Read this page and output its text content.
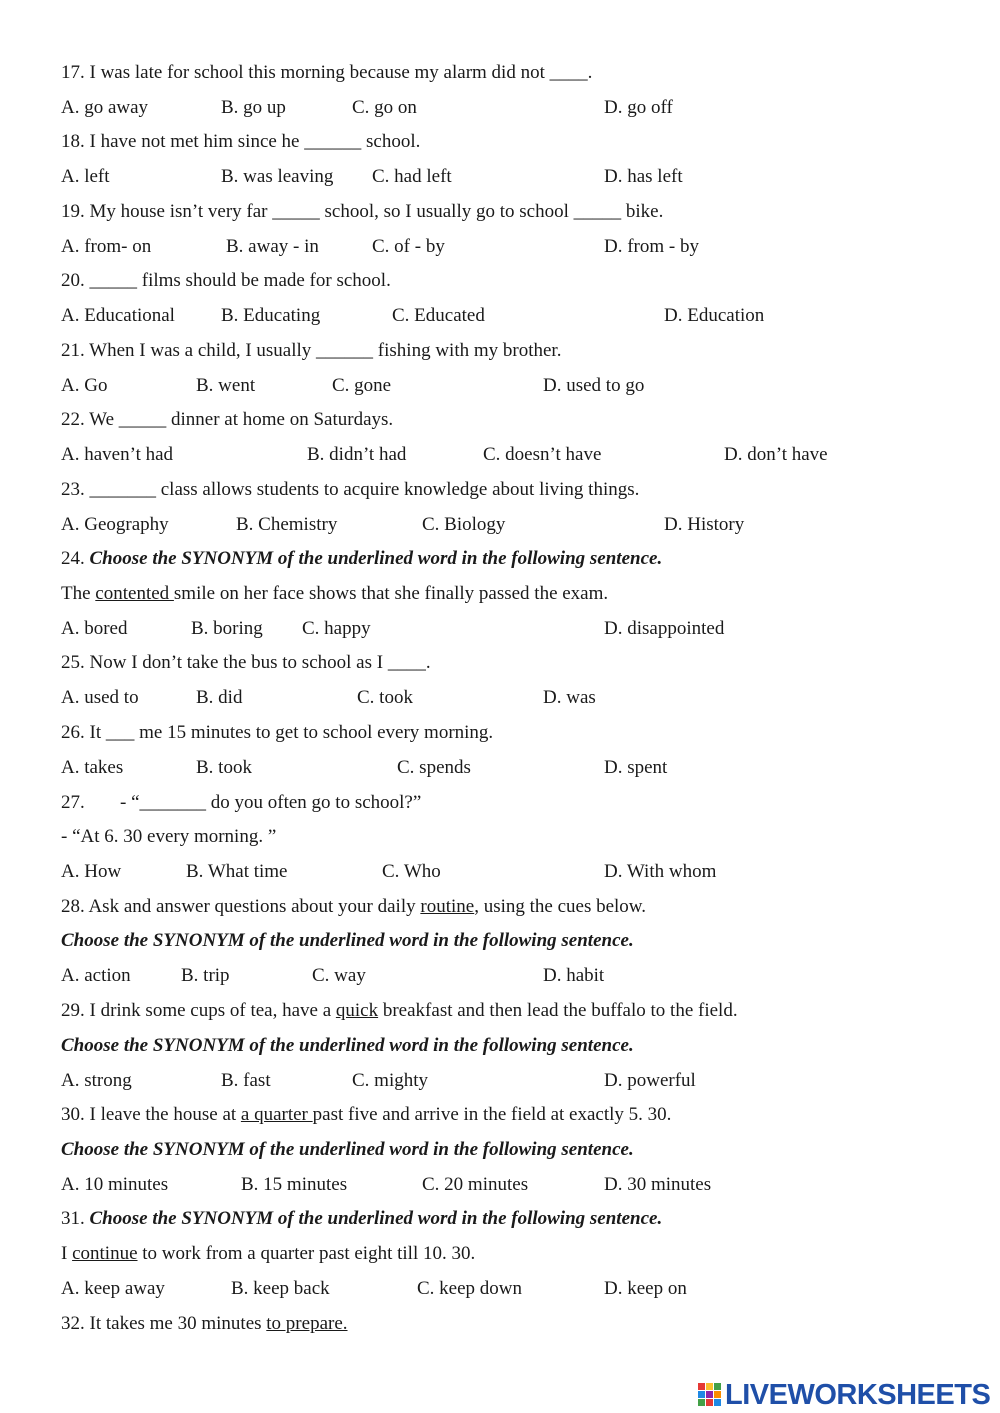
17. I was late for school this morning because my alarm did not ____.
A. go away	B. go up	C. go on	D. go off
18. I have not met him since he ______ school.
A. left	B. was leaving C. had left	D. has left
19. My house isn’t very far _____ school, so I usually go to school _____ bike.
A. from- on	B. away - in	C. of - by	D. from - by
20. _____ films should be made for school.
A. Educational B. Educating	C. Educated	D. Education
21. When I was a child, I usually ______ fishing with my brother.
A. Go	B. went	C. gone	D. used to go
22. We _____ dinner at home on Saturdays.
A. haven’t had	B. didn’t had	C. doesn’t have	D. don’t have
23. _______ class allows students to acquire knowledge about living things.
A. Geography	B. Chemistry	C. Biology	D. History
24. Choose the SYNONYM of the underlined word in the following sentence.
The contented smile on her face shows that she finally passed the exam.
A. bored	B. boring C. happy	D. disappointed
25. Now I don’t take the bus to school as I ____.
A. used to	B. did	C. took	D. was
26. It ___ me 15 minutes to get to school every morning.
A. takes	B. took	C. spends	D. spent
27. - “_______ do you often go to school?”
- “At 6. 30 every morning. ”
A. How	B. What time	C. Who	D. With whom
28. Ask and answer questions about your daily routine, using the cues below.
Choose the SYNONYM of the underlined word in the following sentence.
A. action	B. trip	C. way	D. habit
29. I drink some cups of tea, have a quick breakfast and then lead the buffalo to the field.
Choose the SYNONYM of the underlined word in the following sentence.
A. strong	B. fast	C. mighty	D. powerful
30. I leave the house at a quarter past five and arrive in the field at exactly 5. 30.
Choose the SYNONYM of the underlined word in the following sentence.
A. 10 minutes	B. 15 minutes	C. 20 minutes	D. 30 minutes
31. Choose the SYNONYM of the underlined word in the following sentence.
I continue to work from a quarter past eight till 10. 30.
A. keep away	B. keep back	C. keep down	D. keep on
32. It takes me 30 minutes to prepare.
LIVEWORKSHEETS
